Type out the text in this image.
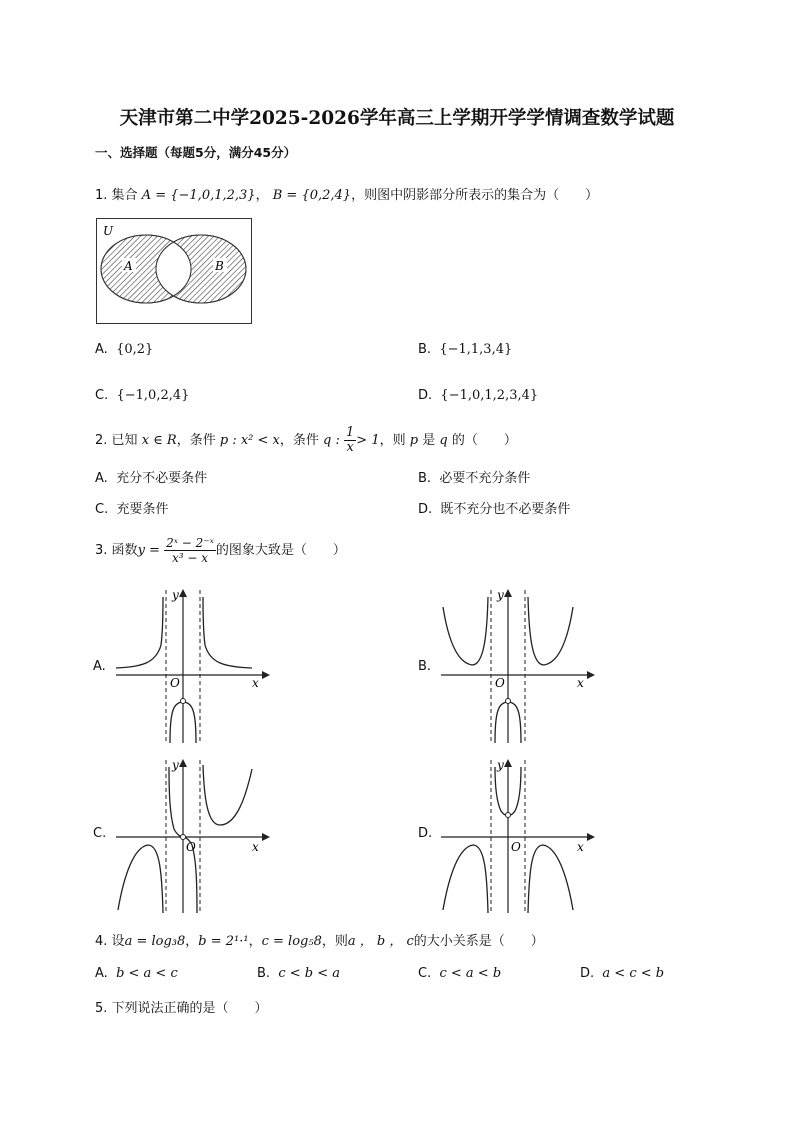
天津市第二中学2025-2026学年高三上学期开学学情调查数学试题
一、选择题（每题5分，满分45分）
1. 集合 A = {−1,0,1,2,3}， B = {0,2,4}，则图中阴影部分所表示的集合为（　　）
U
A	B
A. {0,2}	B. {−1,1,3,4}
C. {−1,0,2,4}	D. {−1,0,1,2,3,4}
2. 已知 x ∈ R，条件 p : x² < x，条件 q : $\frac{1}{x} > 1$，则 p 是 q 的（　　）
A. 充分不必要条件	B. 必要不充分条件
C. 充要条件	D. 既不充分也不必要条件
3. 函数$y = \frac{\text{2ˣ − 2⁻ˣ}}{\text{x³ − x}}$ 的图象大致是（　　）
A.	B.
C.	D.
O	x
y
O	x
y
O	x
y
O	x
y
4. 设a = log₃8，b = 2¹·¹，c = log₅8，则a ， b ， c的大小关系是（　　）
A. b < a < c	B. c < b < a	C. c < a < b	D. a < c < b
5. 下列说法正确的是（　　）
